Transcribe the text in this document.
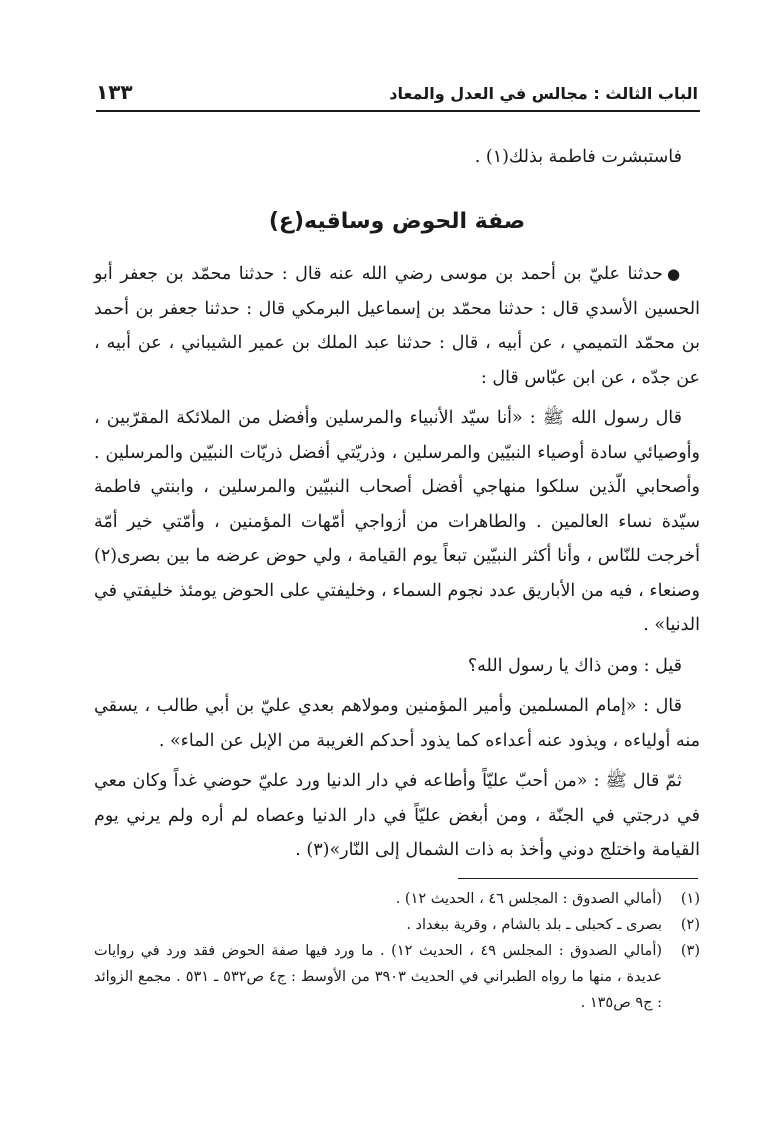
الباب الثالث : مجالس في العدل والمعاد
١٣٣

فاستبشرت فاطمة بذلك(١) .

صفة الحوض وساقيه(ع)

●حدثنا عليّ بن أحمد بن موسى رضي الله عنه قال : حدثنا محمّد بن جعفر أبو الحسين الأسدي قال : حدثنا محمّد بن إسماعيل البرمكي قال : حدثنا جعفر بن أحمد بن محمّد التميمي ، عن أبيه ، قال : حدثنا عبد الملك بن عمير الشيباني ، عن أبيه ، عن جدّه ، عن ابن عبّاس قال :

قال رسول الله ﷺ : «أنا سيّد الأنبياء والمرسلين وأفضل من الملائكة المقرّبين ، وأوصيائي سادة أوصياء النبيّين والمرسلين ، وذريّتي أفضل ذريّات النبيّين والمرسلين . وأصحابي الّذين سلكوا منهاجي أفضل أصحاب النبيّين والمرسلين ، وابنتي فاطمة سيّدة نساء العالمين . والطاهرات من أزواجي أمّهات المؤمنين ، وأمّتي خير أمّة أخرجت للنّاس ، وأنا أكثر النبيّين تبعاً يوم القيامة ، ولي حوض عرضه ما بين بصرى(٢) وصنعاء ، فيه من الأباريق عدد نجوم السماء ، وخليفتي على الحوض يومئذ خليفتي في الدنيا» .

قيل : ومن ذاك يا رسول الله؟

قال : «إمام المسلمين وأمير المؤمنين ومولاهم بعدي عليّ بن أبي طالب ، يسقي منه أولياءه ، ويذود عنه أعداءه كما يذود أحدكم الغريبة من الإبل عن الماء» .

ثمّ قال ﷺ : «من أحبّ عليّاً وأطاعه في دار الدنيا ورد عليّ حوضي غداً وكان معي في درجتي في الجنّة ، ومن أبغض عليّاً في دار الدنيا وعصاه لم أره ولم يرني يوم القيامة واختلج دوني وأخذ به ذات الشمال إلى النّار»(٣) .

(١)
(أمالي الصدوق : المجلس ٤٦ ، الحديث ١٢) .

(٢)
بصرى ـ كحبلى ـ بلد بالشام ، وقرية ببغداد .

(٣)
(أمالي الصدوق : المجلس ٤٩ ، الحديث ١٢) . ما ورد فيها صفة الحوض فقد ورد في روايات عديدة ، منها ما رواه الطبراني في الحديث ٣٩٠٣ من الأوسط : ج٤ ص٥٣٢ ـ ٥٣١ . مجمع الزوائد : ج٩ ص١٣٥ .
